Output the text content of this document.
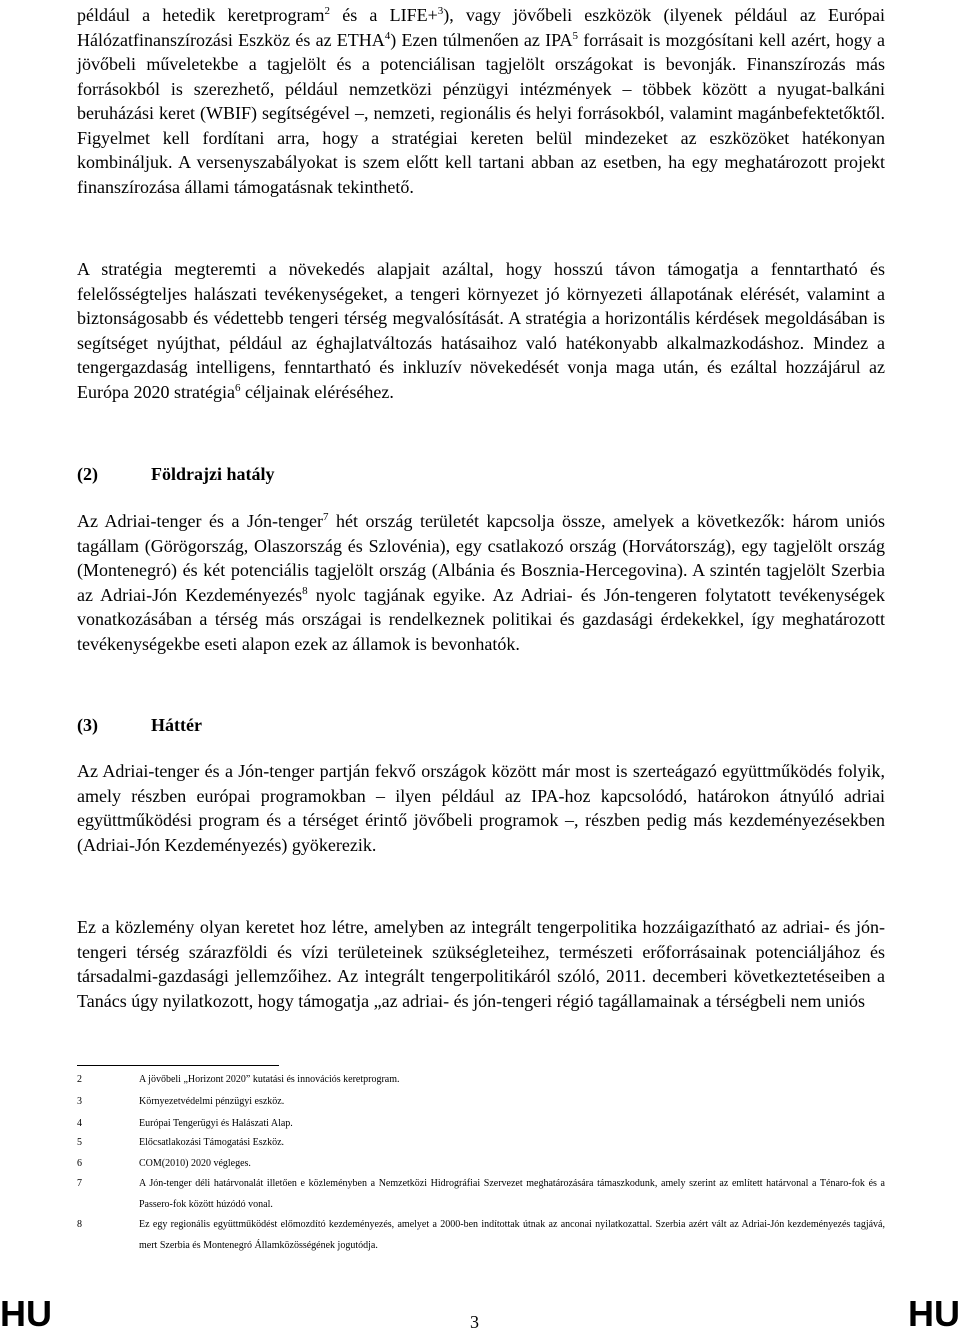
például a hetedik keretprogram$^2$ és a LIFE+$^3$), vagy jövőbeli eszközök (ilyenek például az Európai Hálózatfinanszírozási Eszköz és az ETHA$^4$) Ezen túlmenően az IPA$^5$ forrásait is mozgósítani kell azért, hogy a jövőbeli műveletekbe a tagjelölt és a potenciálisan tagjelölt országokat is bevonják. Finanszírozás más forrásokból is szerezhető, például nemzetközi pénzügyi intézmények – többek között a nyugat-balkáni beruházási keret (WBIF) segítségével –, nemzeti, regionális és helyi forrásokból, valamint magánbefektetőktől. Figyelmet kell fordítani arra, hogy a stratégiai kereten belül mindezeket az eszközöket hatékonyan kombináljuk. A versenyszabályokat is szem előtt kell tartani abban az esetben, ha egy meghatározott projekt finanszírozása állami támogatásnak tekinthető.

A stratégia megteremti a növekedés alapjait azáltal, hogy hosszú távon támogatja a fenntartható és felelősségteljes halászati tevékenységeket, a tengeri környezet jó környezeti állapotának elérését, valamint a biztonságosabb és védettebb tengeri térség megvalósítását. A stratégia a horizontális kérdések megoldásában is segítséget nyújthat, például az éghajlatváltozás hatásaihoz való hatékonyabb alkalmazkodáshoz. Mindez a tengergazdaság intelligens, fenntartható és inkluzív növekedését vonja maga után, és ezáltal hozzájárul az Európa 2020 stratégia$^6$ céljainak eléréséhez.

(2)	Földrajzi hatály

Az Adriai-tenger és a Jón-tenger$^7$ hét ország területét kapcsolja össze, amelyek a következők: három uniós tagállam (Görögország, Olaszország és Szlovénia), egy csatlakozó ország (Horvátország), egy tagjelölt ország (Montenegró) és két potenciális tagjelölt ország (Albánia és Bosznia-Hercegovina). A szintén tagjelölt Szerbia az Adriai-Jón Kezdeményezés$^8$ nyolc tagjának egyike. Az Adriai- és Jón-tengeren folytatott tevékenységek vonatkozásában a térség más országai is rendelkeznek politikai és gazdasági érdekekkel, így meghatározott tevékenységekbe eseti alapon ezek az államok is bevonhatók.

(3)	Háttér

Az Adriai-tenger és a Jón-tenger partján fekvő országok között már most is szerteágazó együttműködés folyik, amely részben európai programokban – ilyen például az IPA-hoz kapcsolódó, határokon átnyúló adriai együttműködési program és a térséget érintő jövőbeli programok –, részben pedig más kezdeményezésekben (Adriai-Jón Kezdeményezés) gyökerezik.

Ez a közlemény olyan keretet hoz létre, amelyben az integrált tengerpolitika hozzáigazítható az adriai- és jón-tengeri térség szárazföldi és vízi területeinek szükségleteihez, természeti erőforrásainak potenciáljához és társadalmi-gazdasági jellemzőihez. Az integrált tengerpolitikáról szóló, 2011. decemberi következtetéseiben a Tanács úgy nyilatkozott, hogy támogatja „az adriai- és jón-tengeri régió tagállamainak a térségbeli nem uniós

2	A jövőbeli „Horizont 2020” kutatási és innovációs keretprogram.
3	Környezetvédelmi pénzügyi eszköz.
4	Európai Tengerügyi és Halászati Alap.
5	Előcsatlakozási Támogatási Eszköz.
6	COM(2010) 2020 végleges.
7	A Jón-tenger déli határvonalát illetően e közleményben a Nemzetközi Hidrográfiai Szervezet meghatározására támaszkodunk, amely szerint az említett határvonal a Ténaro-fok és a Passero-fok között húzódó vonal.
8	Ez egy regionális együttműködést előmozdító kezdeményezés, amelyet a 2000-ben indítottak útnak az anconai nyilatkozattal. Szerbia azért vált az Adriai-Jón kezdeményezés tagjává, mert Szerbia és Montenegró Államközösségének jogutódja.
HU	3	HU
